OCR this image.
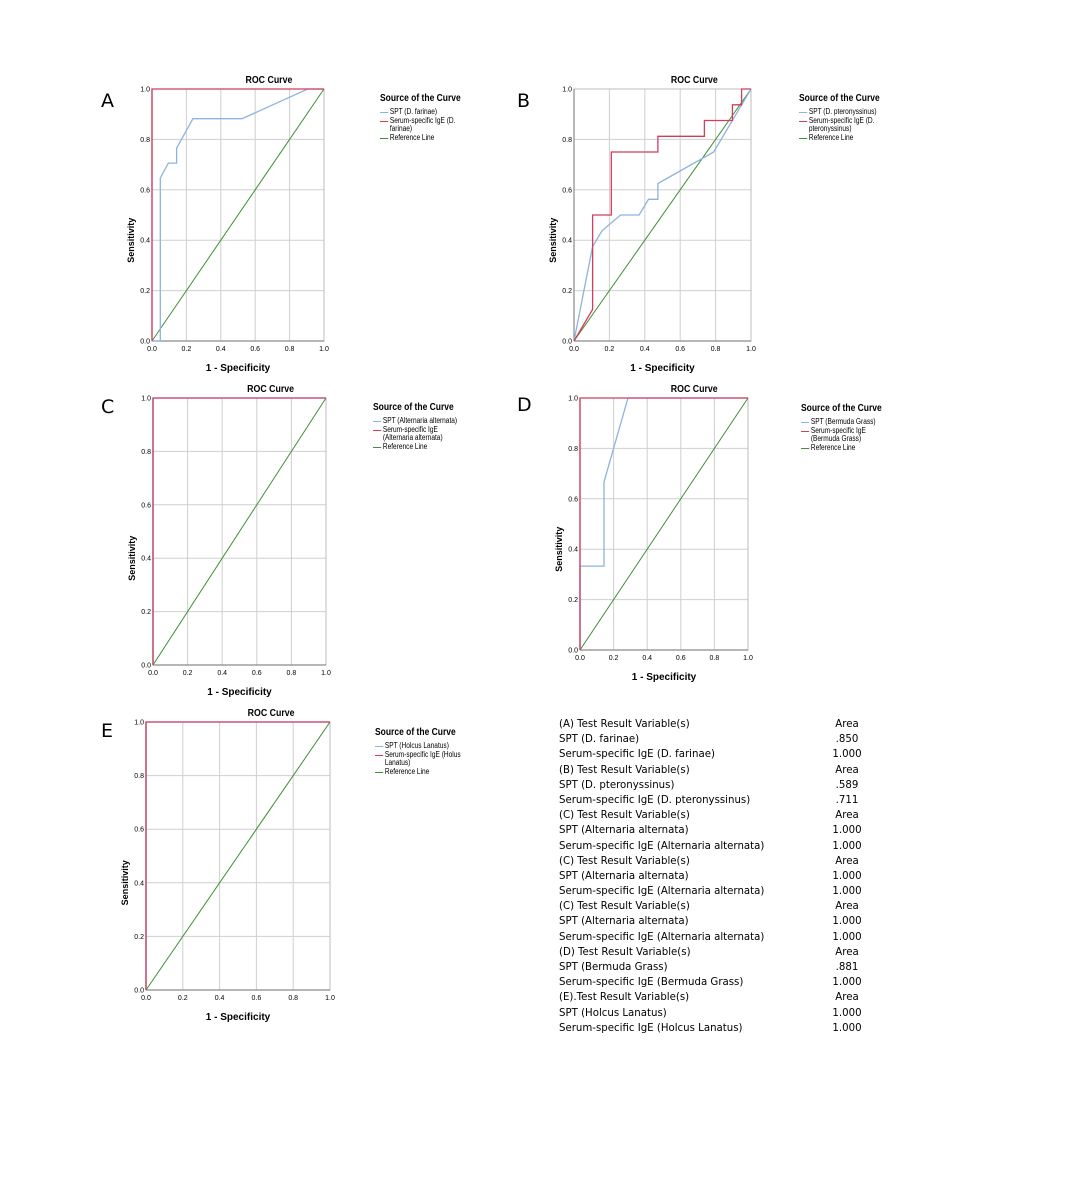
A
ROC Curve
0.0	0.2	0.4	0.6	0.8	1.0
0.0
0.2
0.4
0.6
0.8
1.0
1 - Specificity
Sensitivity
Source of the Curve
SPT (D. farinae)
Serum-specific IgE (D. farinae)
Reference Line
B
ROC Curve
0.0	0.2	0.4	0.6	0.8	1.0
0.0
0.2
0.4
0.6
0.8
1.0
1 - Specificity
Sensitivity
Source of the Curve
SPT (D. pteronyssinus)
Serum-specific IgE (D. pteronyssinus)
Reference Line
C
ROC Curve
0.0	0.2	0.4	0.6	0.8	1.0
0.0
0.2
0.4
0.6
0.8
1.0
1 - Specificity
Sensitivity
Source of the Curve
SPT (Alternaria alternata)
Serum-specific IgE (Alternaria alternata)
Reference Line
D
ROC Curve
0.0	0.2	0.4	0.6	0.8	1.0
0.0
0.2
0.4
0.6
0.8
1.0
1 - Specificity
Sensitivity
Source of the Curve
SPT (Bermuda Grass)
Serum-specific IgE (Bermuda Grass)
Reference Line
E
ROC Curve
0.0	0.2	0.4	0.6	0.8	1.0
0.0
0.2
0.4
0.6
0.8
1.0
1 - Specificity
Sensitivity
Source of the Curve
SPT (Holcus Lanatus)
Serum-specific IgE (Holus Lanatus)
Reference Line
(A) Test Result Variable(s)	Area
SPT (D. farinae)	.850
Serum-specific IgE (D. farinae)	1.000
(B) Test Result Variable(s)	Area
SPT (D. pteronyssinus)	.589
Serum-specific IgE (D. pteronyssinus)	.711
(C) Test Result Variable(s)	Area
SPT (Alternaria alternata)	1.000
Serum-specific IgE (Alternaria alternata)	1.000
(C) Test Result Variable(s)	Area
SPT (Alternaria alternata)	1.000
Serum-specific IgE (Alternaria alternata)	1.000
(C) Test Result Variable(s)	Area
SPT (Alternaria alternata)	1.000
Serum-specific IgE (Alternaria alternata)	1.000
(D) Test Result Variable(s)	Area
SPT (Bermuda Grass)	.881
Serum-specific IgE (Bermuda Grass)	1.000
(E).Test Result Variable(s)	Area
SPT (Holcus Lanatus)	1.000
Serum-specific IgE (Holcus Lanatus)	1.000
